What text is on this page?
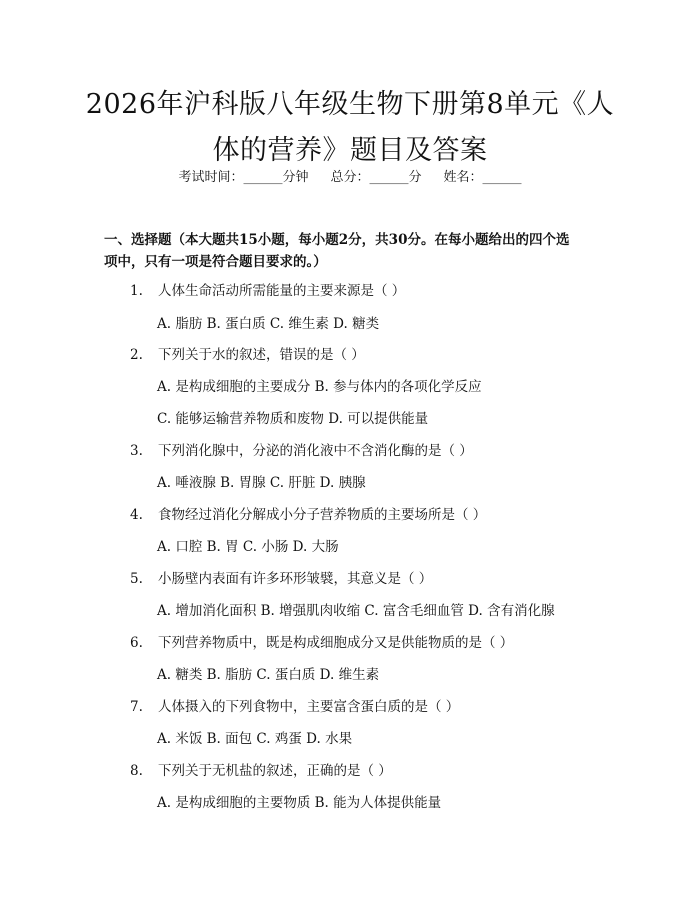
2026年沪科版八年级生物下册第8单元《人
体的营养》题目及答案
考试时间：______分钟 总分：______分 姓名：______
一、选择题（本大题共15小题，每小题2分，共30分。在每小题给出的四个选
项中，只有一项是符合题目要求的。）
1. 人体生命活动所需能量的主要来源是（ ）
A. 脂肪 B. 蛋白质 C. 维生素 D. 糖类
2. 下列关于水的叙述，错误的是（ ）
A. 是构成细胞的主要成分 B. 参与体内的各项化学反应
C. 能够运输营养物质和废物 D. 可以提供能量
3. 下列消化腺中，分泌的消化液中不含消化酶的是（ ）
A. 唾液腺 B. 胃腺 C. 肝脏 D. 胰腺
4. 食物经过消化分解成小分子营养物质的主要场所是（ ）
A. 口腔 B. 胃 C. 小肠 D. 大肠
5. 小肠壁内表面有许多环形皱襞，其意义是（ ）
A. 增加消化面积 B. 增强肌肉收缩 C. 富含毛细血管 D. 含有消化腺
6. 下列营养物质中，既是构成细胞成分又是供能物质的是（ ）
A. 糖类 B. 脂肪 C. 蛋白质 D. 维生素
7. 人体摄入的下列食物中，主要富含蛋白质的是（ ）
A. 米饭 B. 面包 C. 鸡蛋 D. 水果
8. 下列关于无机盐的叙述，正确的是（ ）
A. 是构成细胞的主要物质 B. 能为人体提供能量
